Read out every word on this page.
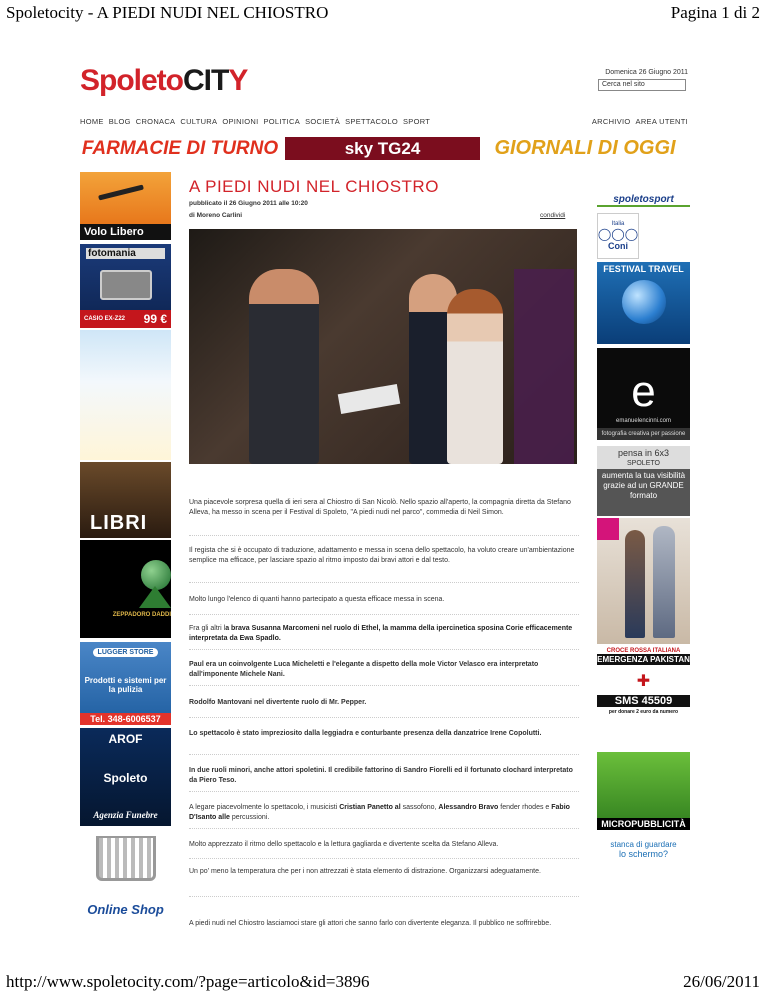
Spoletocity - A PIEDI NUDI NEL CHIOSTRO	Pagina 1 di 2
http://www.spoletocity.com/?page=articolo&id=3896	26/06/2011
SpoletoCITY	Domenica 26 Giugno 2011
Cerca nel sito
HOME BLOG CRONACA CULTURA OPINIONI POLITICA SOCIETÀ SPETTACOLO SPORT	ARCHIVIO AREA UTENTI
FARMACIE DI TURNO	sky TG24	GIORNALI DI OGGI
Volo Libero
fotomania
CASIO EX-Z22 99 €
LIBRI
ZEPPADORO DADDI
LUGGER STORE
Prodotti e sistemi per la pulizia
Tel. 348-6006537
AROF
Spoleto
Agenzia Funebre
Online Shop
spoletosport
Italia
◯◯◯
Coni
FESTIVAL TRAVEL
e
emanuelencinni.com
fotografia creativa per passione
pensa in 6x3
SPOLETO
aumenta la tua visibilità grazie ad un GRANDE formato
CROCE ROSSA ITALIANA
EMERGENZA PAKISTAN
✚
SMS 45509
per donare 2 euro da numero
MICROPUBBLICITÀ
stanca di guardare
lo schermo?
A PIEDI NUDI NEL CHIOSTRO
pubblicato il 26 Giugno 2011 alle 10:20
di Moreno Carlini	condividi
Una piacevole sorpresa quella di ieri sera al Chiostro di San Nicolò. Nello spazio all'aperto, la compagnia diretta da Stefano Alleva, ha messo in scena per il Festival di Spoleto, "A piedi nudi nel parco", commedia di Neil Simon.
Il regista che si è occupato di traduzione, adattamento e messa in scena dello spettacolo, ha voluto creare un'ambientazione semplice ma efficace, per lasciare spazio al ritmo imposto dai bravi attori e dal testo.
Molto lungo l'elenco di quanti hanno partecipato a questa efficace messa in scena.
Fra gli altri la brava Susanna Marcomeni nel ruolo di Ethel, la mamma della ipercinetica sposina Corie efficacemente interpretata da Ewa Spadlo.
Paul era un coinvolgente Luca Micheletti e l'elegante a dispetto della mole Victor Velasco era interpretato dall'imponente Michele Nani.
Rodolfo Mantovani nel divertente ruolo di Mr. Pepper.
Lo spettacolo è stato impreziosito dalla leggiadra e conturbante presenza della danzatrice Irene Copolutti.
In due ruoli minori, anche attori spoletini. Il credibile fattorino di Sandro Fiorelli ed il fortunato clochard interpretato da Piero Teso.
A legare piacevolmente lo spettacolo, i musicisti Cristian Panetto al sassofono, Alessandro Bravo fender rhodes e Fabio D'Isanto alle percussioni.
Molto apprezzato il ritmo dello spettacolo e la lettura gagliarda e divertente scelta da Stefano Alleva.
Un po' meno la temperatura che per i non attrezzati è stata elemento di distrazione. Organizzarsi adeguatamente.
A piedi nudi nel Chiostro lasciamoci stare gli attori che sanno farlo con divertente eleganza. Il pubblico ne soffrirebbe.
